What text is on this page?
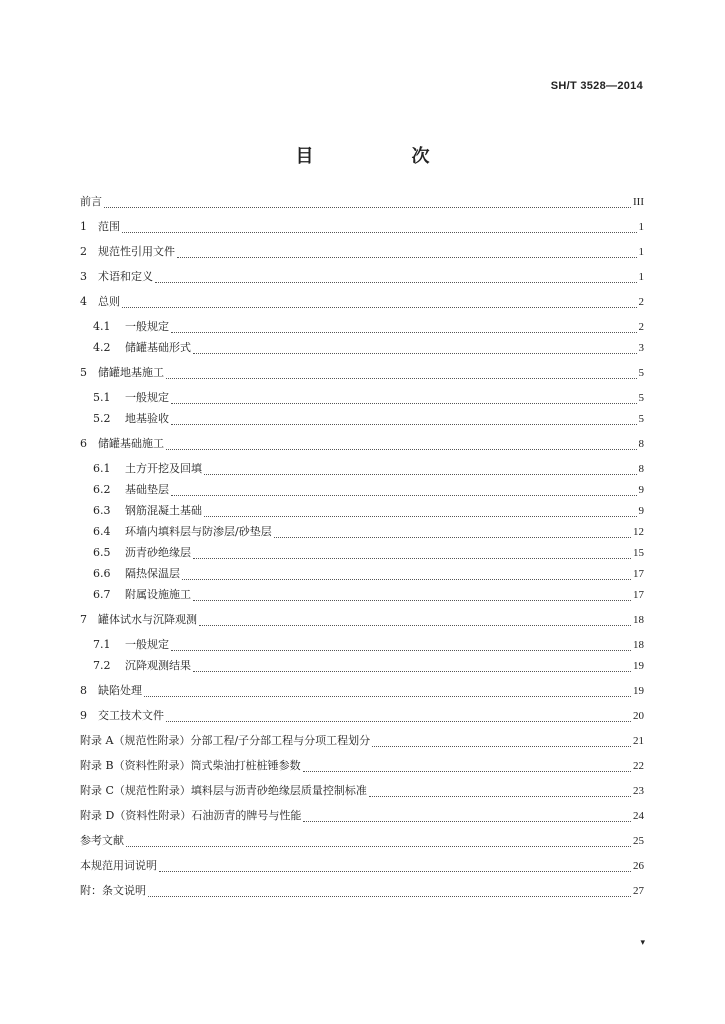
SH/T 3528—2014
目　次
前言	III
1 范围	1
2 规范性引用文件	1
3 术语和定义	1
4 总则	2
4.1 一般规定	2
4.2 储罐基础形式	3
5 储罐地基施工	5
5.1 一般规定	5
5.2 地基验收	5
6 储罐基础施工	8
6.1 土方开挖及回填	8
6.2 基础垫层	9
6.3 钢筋混凝土基础	9
6.4 环墙内填料层与防渗层/砂垫层	12
6.5 沥青砂绝缘层	15
6.6 隔热保温层	17
6.7 附属设施施工	17
7 罐体试水与沉降观测	18
7.1 一般规定	18
7.2 沉降观测结果	19
8 缺陷处理	19
9 交工技术文件	20
附录 A（规范性附录）分部工程/子分部工程与分项工程划分	21
附录 B（资料性附录）筒式柴油打桩桩锤参数	22
附录 C（规范性附录）填料层与沥青砂绝缘层质量控制标准	23
附录 D（资料性附录）石油沥青的牌号与性能	24
参考文献	25
本规范用词说明	26
附：条文说明	27
▾
